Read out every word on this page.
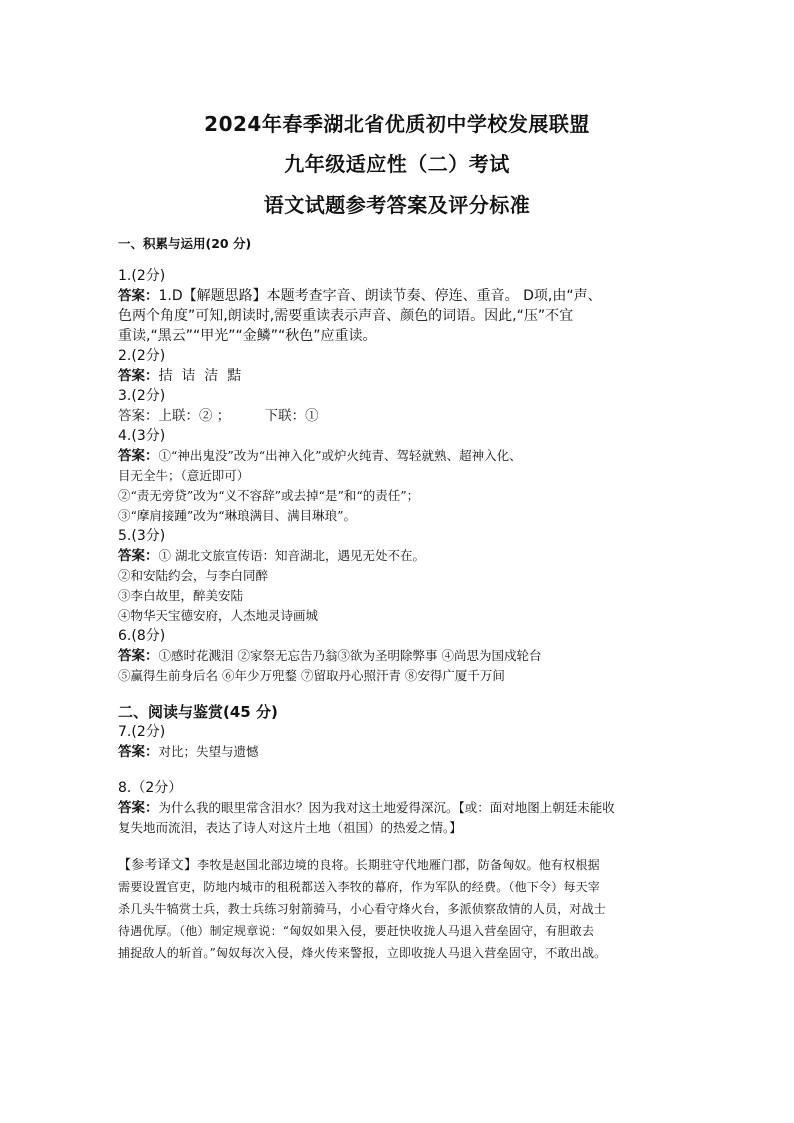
2024年春季湖北省优质初中学校发展联盟
九年级适应性（二）考试
语文试题参考答案及评分标准
一、积累与运用(20 分)
1.(2分)
答案：1.D【解题思路】本题考查字音、朗读节奏、停连、重音。 D项,由“声、
色两个角度”可知,朗读时,需要重读表示声音、颜色的词语。因此,“压”不宜
重读,“黑云”“甲光”“金鳞”“秋色”应重读。
2.(2分)
答案：拮  诘  洁  黠
3.(2分)
答案：上联：② ；        下联：①
4.(3分)
答案：①“神出鬼没”改为“出神入化”或炉火纯青、驾轻就熟、超神入化、
目无全牛；（意近即可）
②“责无旁贷”改为“义不容辞”或去掉“是”和“的责任”；
③“摩肩接踵”改为“琳琅满目、满目琳琅”。
5.(3分)
答案：① 湖北文旅宣传语：知音湖北，遇见无处不在。
②和安陆约会，与李白同醉
③李白故里，醉美安陆
④物华天宝德安府，人杰地灵诗画城
6.(8分)
答案：①感时花溅泪 ②家祭无忘告乃翁③欲为圣明除弊事 ④尚思为国戍轮台
⑤赢得生前身后名 ⑥年少万兜鍪 ⑦留取丹心照汗青 ⑧安得广厦千万间
二、阅读与鉴赏(45 分)
7.(2分)
答案：对比；失望与遗憾
8.（2分）
答案：为什么我的眼里常含泪水？因为我对这土地爱得深沉。【或：面对地图上朝廷未能收
复失地而流泪，表达了诗人对这片土地（祖国）的热爱之情。】
【参考译文】李牧是赵国北部边境的良将。长期驻守代地雁门郡，防备匈奴。他有权根据
需要设置官吏，防地内城市的租税都送入李牧的幕府，作为军队的经费。（他下令）每天宰
杀几头牛犒赏士兵，教士兵练习射箭骑马，小心看守烽火台，多派侦察敌情的人员，对战士
待遇优厚。（他）制定规章说：“匈奴如果入侵，要赶快收拢人马退入营垒固守，有胆敢去
捕捉敌人的斩首。”匈奴每次入侵，烽火传来警报，立即收拢人马退入营垒固守，不敢出战。
